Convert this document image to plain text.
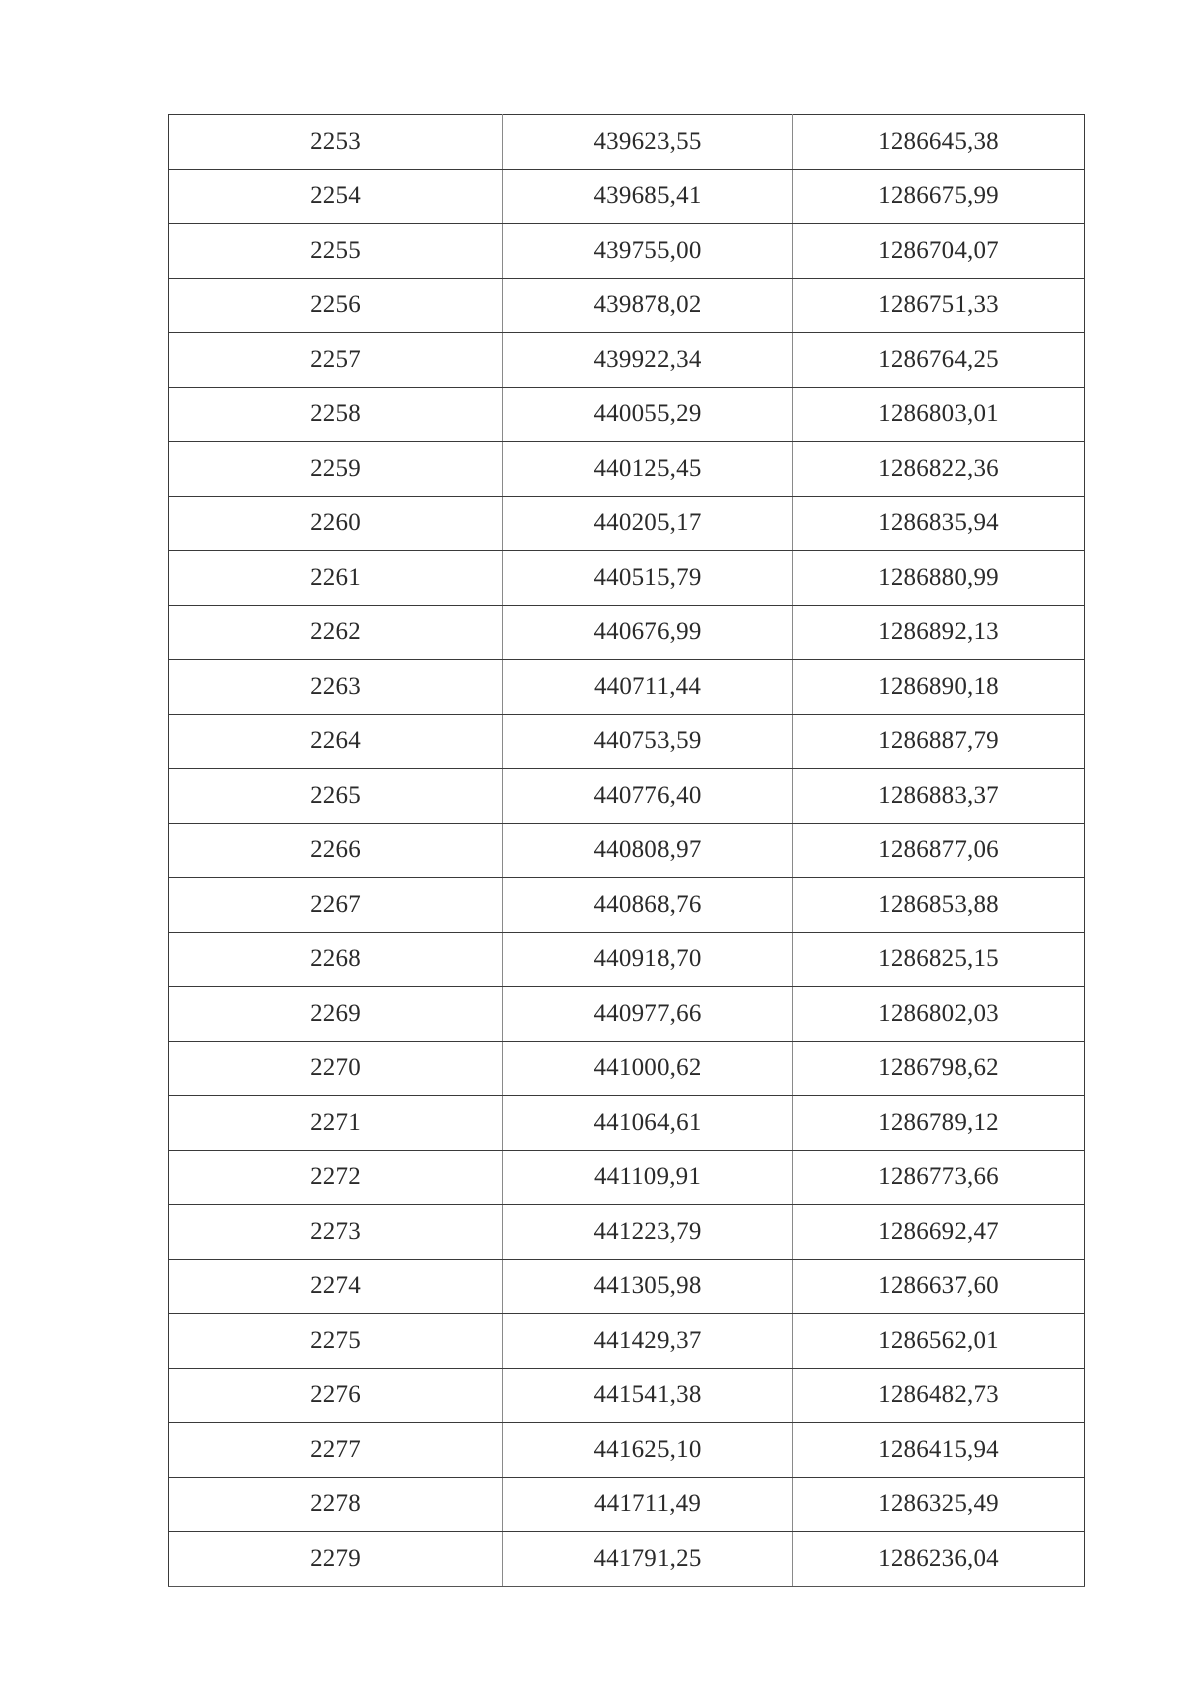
2253	439623,55	1286645,38
2254	439685,41	1286675,99
2255	439755,00	1286704,07
2256	439878,02	1286751,33
2257	439922,34	1286764,25
2258	440055,29	1286803,01
2259	440125,45	1286822,36
2260	440205,17	1286835,94
2261	440515,79	1286880,99
2262	440676,99	1286892,13
2263	440711,44	1286890,18
2264	440753,59	1286887,79
2265	440776,40	1286883,37
2266	440808,97	1286877,06
2267	440868,76	1286853,88
2268	440918,70	1286825,15
2269	440977,66	1286802,03
2270	441000,62	1286798,62
2271	441064,61	1286789,12
2272	441109,91	1286773,66
2273	441223,79	1286692,47
2274	441305,98	1286637,60
2275	441429,37	1286562,01
2276	441541,38	1286482,73
2277	441625,10	1286415,94
2278	441711,49	1286325,49
2279	441791,25	1286236,04
